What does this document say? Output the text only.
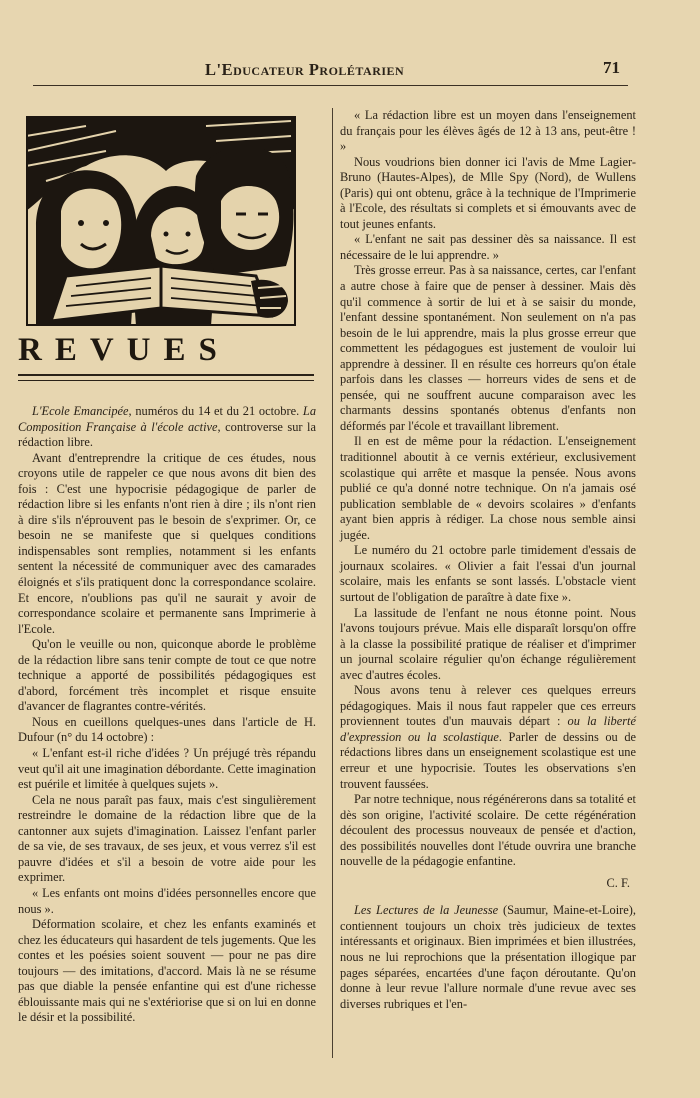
L'Educateur Prolétarien	71
REVUES

L'Ecole Emancipée, numéros du 14 et du 21 octobre. La Composition Française à l'école active, controverse sur la rédaction libre.

Avant d'entreprendre la critique de ces études, nous croyons utile de rappeler ce que nous avons dit bien des fois : C'est une hypocrisie pédagogique de parler de rédaction libre si les enfants n'ont rien à dire ; ils n'ont rien à dire s'ils n'éprouvent pas le besoin de s'exprimer. Or, ce besoin ne se manifeste que si quelques conditions indispensables sont remplies, notamment si les enfants sentent la nécessité de communiquer avec des camarades éloignés et s'ils pratiquent donc la correspondance scolaire. Et encore, n'oublions pas qu'il ne saurait y avoir de correspondance scolaire et permanente sans Imprimerie à l'Ecole.

Qu'on le veuille ou non, quiconque aborde le problème de la rédaction libre sans tenir compte de tout ce que notre technique a apporté de possibilités pédagogiques est d'abord, forcément très incomplet et risque ensuite d'avancer de flagrantes contre-vérités.

Nous en cueillons quelques-unes dans l'article de H. Dufour (n° du 14 octobre) :

« L'enfant est-il riche d'idées ? Un préjugé très répandu veut qu'il ait une imagination débordante. Cette imagination est puérile et limitée à quelques sujets ».

Cela ne nous paraît pas faux, mais c'est singulièrement restreindre le domaine de la rédaction libre que de la cantonner aux sujets d'imagination. Laissez l'enfant parler de sa vie, de ses travaux, de ses jeux, et vous verrez s'il est pauvre d'idées et s'il a besoin de votre aide pour les exprimer.

« Les enfants ont moins d'idées personnelles encore que nous ».

Déformation scolaire, et chez les enfants examinés et chez les éducateurs qui hasardent de tels jugements. Que les contes et les poésies soient souvent — pour ne pas dire toujours — des imitations, d'accord. Mais là ne se résume pas que diable la pensée enfantine qui est d'une richesse éblouissante mais qui ne s'extériorise que si on lui en donne le désir et la possibilité.

« La rédaction libre est un moyen dans l'enseignement du français pour les élèves âgés de 12 à 13 ans, peut-être ! »

Nous voudrions bien donner ici l'avis de Mme Lagier-Bruno (Hautes-Alpes), de Mlle Spy (Nord), de Wullens (Paris) qui ont obtenu, grâce à la technique de l'Imprimerie à l'Ecole, des résultats si complets et si émouvants avec de tout jeunes enfants.

« L'enfant ne sait pas dessiner dès sa naissance. Il est nécessaire de le lui apprendre. »

Très grosse erreur. Pas à sa naissance, certes, car l'enfant a autre chose à faire que de penser à dessiner. Mais dès qu'il commence à sortir de lui et à se saisir du monde, l'enfant dessine spontanément. Non seulement on n'a pas besoin de le lui apprendre, mais la plus grosse erreur que commettent les pédagogues est justement de vouloir lui apprendre à dessiner. Il en résulte ces horreurs qu'on étale parfois dans les classes — horreurs vides de sens et de pensée, qui ne souffrent aucune comparaison avec les charmants dessins spontanés obtenus d'enfants non déformés par l'école et travaillant librement.

Il en est de même pour la rédaction. L'enseignement traditionnel aboutit à ce vernis extérieur, exclusivement scolastique qui arrête et masque la pensée. Nous avons publié ce qu'a donné notre technique. On n'a jamais osé publication semblable de « devoirs scolaires » d'enfants ayant bien appris à rédiger. La chose nous semble ainsi jugée.

Le numéro du 21 octobre parle timidement d'essais de journaux scolaires. « Olivier a fait l'essai d'un journal scolaire, mais les enfants se sont lassés. L'obstacle vient surtout de l'obligation de paraître à date fixe ».

La lassitude de l'enfant ne nous étonne point. Nous l'avons toujours prévue. Mais elle disparaît lorsqu'on offre à la classe la possibilité pratique de réaliser et d'imprimer un journal scolaire régulier qu'on échange régulièrement avec d'autres écoles.

Nous avons tenu à relever ces quelques erreurs pédagogiques. Mais il nous faut rappeler que ces erreurs proviennent toutes d'un mauvais départ : ou la liberté d'expression ou la scolastique. Parler de dessins ou de rédactions libres dans un enseignement scolastique est une erreur et une hypocrisie. Toutes les observations s'en trouvent faussées.

Par notre technique, nous régénérerons dans sa totalité et dès son origine, l'activité scolaire. De cette régénération découlent des processus nouveaux de pensée et d'action, des possibilités nouvelles dont l'étude ouvrira une branche nouvelle de la pédagogie enfantine.

C. F.

Les Lectures de la Jeunesse (Saumur, Maine-et-Loire), contiennent toujours un choix très judicieux de textes intéressants et originaux. Bien imprimées et bien illustrées, nous ne lui reprochions que la présentation illogique par pages séparées, encartées d'une façon déroutante. Qu'on donne à leur revue l'allure normale d'une revue avec ses diverses rubriques et l'en-
